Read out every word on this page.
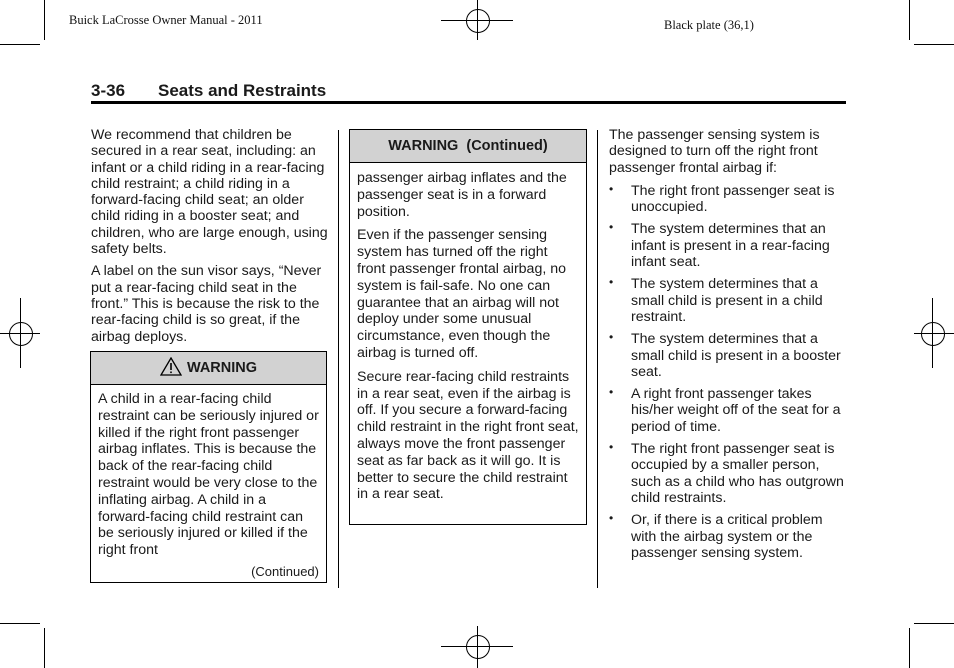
Buick LaCrosse Owner Manual - 2011	Black plate (36,1)
3-36 Seats and Restraints

We recommend that children be secured in a rear seat, including: an infant or a child riding in a rear-facing child restraint; a child riding in a forward-facing child seat; an older child riding in a booster seat; and children, who are large enough, using safety belts.

A label on the sun visor says, “Never put a rear-facing child seat in the front.” This is because the risk to the rear-facing child is so great, if the airbag deploys.

WARNING

A child in a rear-facing child restraint can be seriously injured or killed if the right front passenger airbag inflates. This is because the back of the rear-facing child restraint would be very close to the inflating airbag. A child in a forward-facing child restraint can be seriously injured or killed if the right front

(Continued)
WARNING  (Continued)

passenger airbag inflates and the passenger seat is in a forward position.

Even if the passenger sensing system has turned off the right front passenger frontal airbag, no system is fail-safe. No one can guarantee that an airbag will not deploy under some unusual circumstance, even though the airbag is turned off.

Secure rear-facing child restraints in a rear seat, even if the airbag is off. If you secure a forward-facing child restraint in the right front seat, always move the front passenger seat as far back as it will go. It is better to secure the child restraint in a rear seat.

The passenger sensing system is designed to turn off the right front passenger frontal airbag if:

• The right front passenger seat is unoccupied.
• The system determines that an infant is present in a rear-facing infant seat.
• The system determines that a small child is present in a child restraint.
• The system determines that a small child is present in a booster seat.
• A right front passenger takes his/her weight off of the seat for a period of time.
• The right front passenger seat is occupied by a smaller person, such as a child who has outgrown child restraints.
• Or, if there is a critical problem with the airbag system or the passenger sensing system.
